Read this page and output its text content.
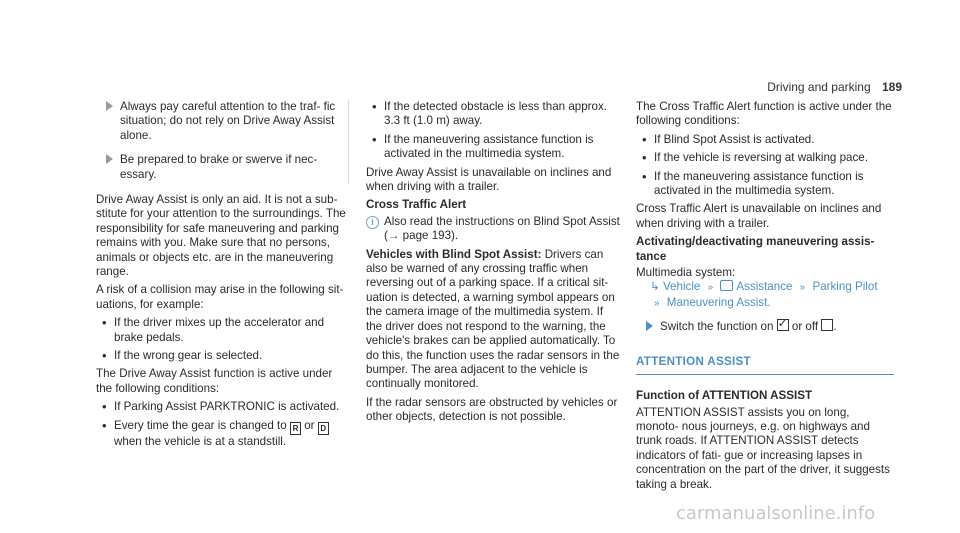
Driving and parking 189
Always pay careful attention to the traf- fic situation; do not rely on Drive Away Assist alone.
Be prepared to brake or swerve if nec- essary.

Drive Away Assist is only an aid. It is not a sub- stitute for your attention to the surroundings. The responsibility for safe maneuvering and parking remains with you. Make sure that no persons, animals or objects etc. are in the maneuvering range.

A risk of a collision may arise in the following sit- uations, for example:

• If the driver mixes up the accelerator and brake pedals.
• If the wrong gear is selected.

The Drive Away Assist function is active under the following conditions:

• If Parking Assist PARKTRONIC is activated.
• Every time the gear is changed to R or D when the vehicle is at a standstill.
• If the detected obstacle is less than approx. 3.3 ft (1.0 m) away.
• If the maneuvering assistance function is activated in the multimedia system.

Drive Away Assist is unavailable on inclines and when driving with a trailer.

Cross Traffic Alert
i Also read the instructions on Blind Spot Assist (→ page 193).

Vehicles with Blind Spot Assist: Drivers can also be warned of any crossing traffic when reversing out of a parking space. If a critical sit- uation is detected, a warning symbol appears on the camera image of the multimedia system. If the driver does not respond to the warning, the vehicle's brakes can be applied automatically. To do this, the function uses the radar sensors in the bumper. The area adjacent to the vehicle is continually monitored.

If the radar sensors are obstructed by vehicles or other objects, detection is not possible.

The Cross Traffic Alert function is active under the following conditions:

• If Blind Spot Assist is activated.
• If the vehicle is reversing at walking pace.
• If the maneuvering assistance function is activated in the multimedia system.

Cross Traffic Alert is unavailable on inclines and when driving with a trailer.

Activating/deactivating maneuvering assis- tance
Multimedia system:
↳ Vehicle » Assistance » Parking Pilot » Maneuvering Assist.
Switch the function on ✓ or off .
ATTENTION ASSIST
Function of ATTENTION ASSIST

ATTENTION ASSIST assists you on long, monoto- nous journeys, e.g. on highways and trunk roads. If ATTENTION ASSIST detects indicators of fati- gue or increasing lapses in concentration on the part of the driver, it suggests taking a break.

carmanualsonline.info
